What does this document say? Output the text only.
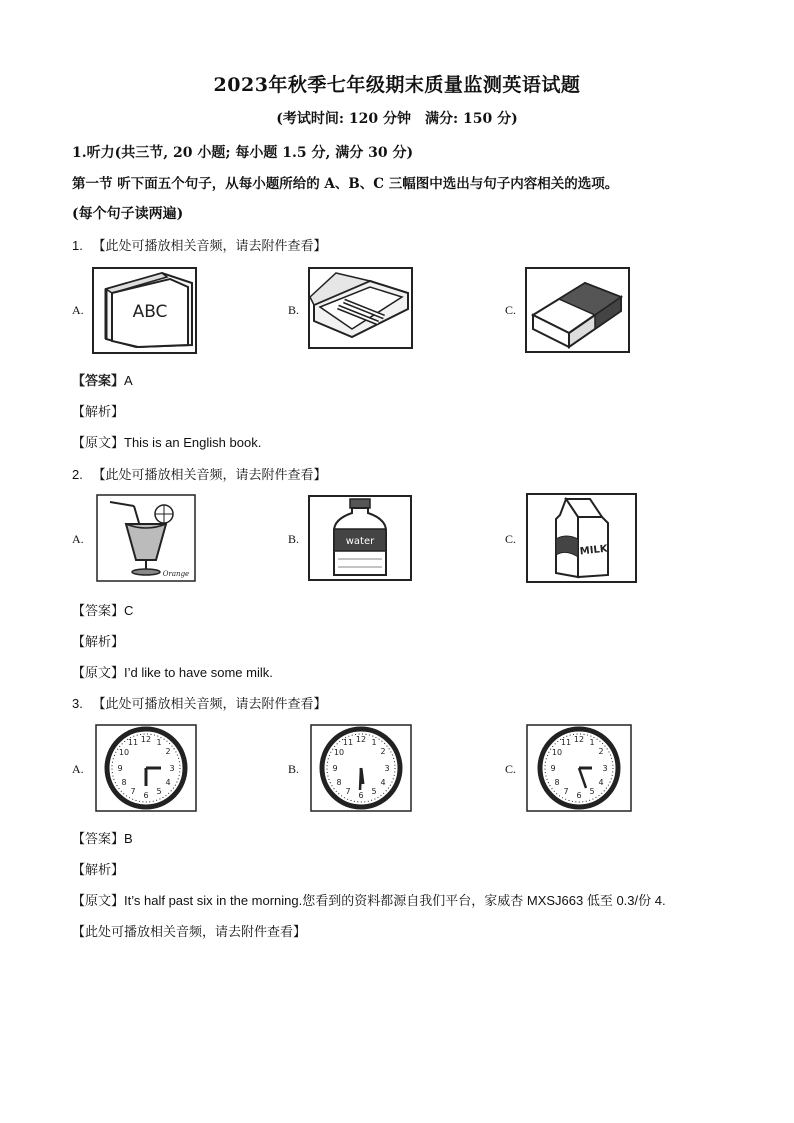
2023年秋季七年级期末质量监测英语试题
(考试时间: 120 分钟　满分: 150 分)
1.听力(共三节, 20 小题; 每小题 1.5 分, 满分 30 分)
第一节 听下面五个句子，从每小题所给的 A、B、C 三幅图中选出与句子内容相关的选项。
(每个句子读两遍)
1. 【此处可播放相关音频，请去附件查看】
A.	B.	C.
ABC
【答案】A
【解析】
【原文】This is an English book.
2. 【此处可播放相关音频，请去附件查看】
A.	B.	C.
Orange
water
MILK
【答案】C
【解析】
【原文】I’d like to have some milk.
3. 【此处可播放相关音频，请去附件查看】
A.	B.	C.
12 1
2
3
4
5
6
7
8
9
10
11	12 1
2
3
4
5
6
7
8
9
10
11	12 1
2
3
4
5
6
7
8
9
10
11
【答案】B
【解析】
【原文】It’s half past six in the morning.您看到的资料都源自我们平台，家威杏 MXSJ663 低至 0.3/份 4.
【此处可播放相关音频，请去附件查看】
